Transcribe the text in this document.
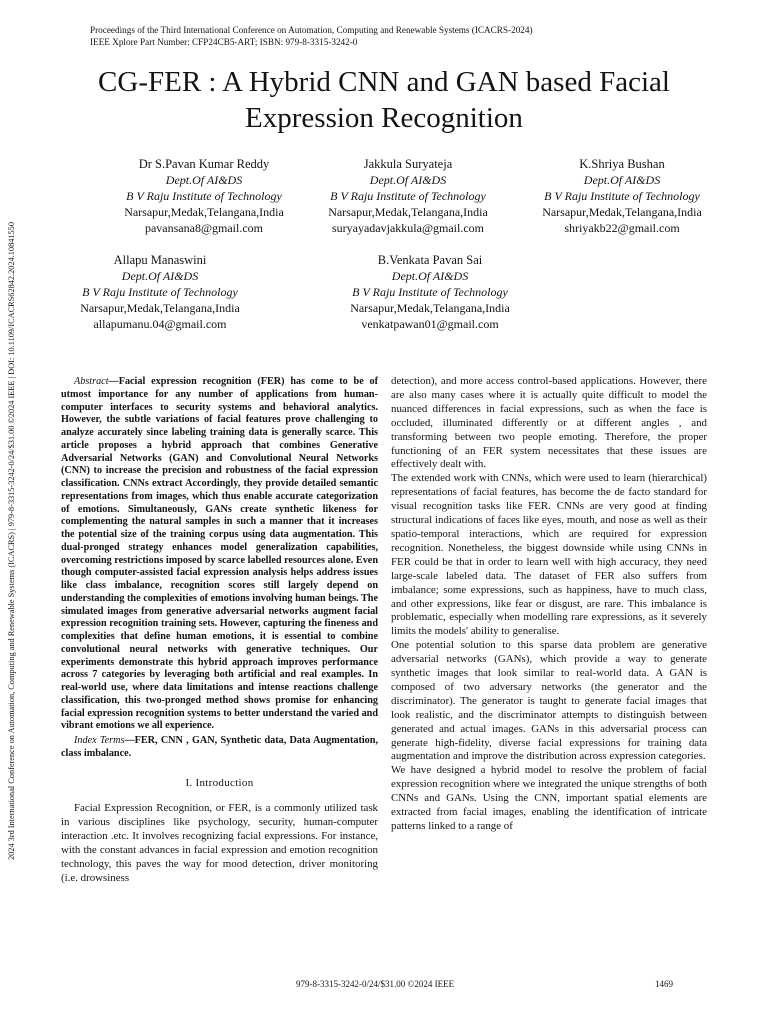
Proceedings of the Third International Conference on Automation, Computing and Renewable Systems (ICACRS-2024)
IEEE Xplore Part Number: CFP24CB5-ART; ISBN: 979-8-3315-3242-0
2024 3rd International Conference on Automation, Computing and Renewable Systems (ICACRS) | 979-8-3315-3242-0/24/$31.00 ©2024 IEEE | DOI: 10.1109/ICACRS62842.2024.10841550
CG-FER : A Hybrid CNN and GAN based Facial
Expression Recognition
Dr S.Pavan Kumar Reddy
Dept.Of AI&DS
B V Raju Institute of Technology
Narsapur,Medak,Telangana,India
pavansana8@gmail.com
Jakkula Suryateja
Dept.Of AI&DS
B V Raju Institute of Technology
Narsapur,Medak,Telangana,India
suryayadavjakkula@gmail.com
K.Shriya Bushan
Dept.Of AI&DS
B V Raju Institute of Technology
Narsapur,Medak,Telangana,India
shriyakb22@gmail.com
Allapu Manaswini
Dept.Of AI&DS
B V Raju Institute of Technology
Narsapur,Medak,Telangana,India
allapumanu.04@gmail.com
B.Venkata Pavan Sai
Dept.Of AI&DS
B V Raju Institute of Technology
Narsapur,Medak,Telangana,India
venkatpawan01@gmail.com

Abstract—Facial expression recognition (FER) has come to be of utmost importance for any number of applications from human-computer interfaces to security systems and behavioral analytics. However, the subtle variations of facial features prove challenging to analyze accurately since labeling training data is generally scarce. This article proposes a hybrid approach that combines Generative Adversarial Networks (GAN) and Convolutional Neural Networks (CNN) to increase the precision and robustness of the facial expression classification. CNNs extract Accordingly, they provide detailed semantic representations from images, which thus enable accurate categorization of emotions. Simultaneously, GANs create synthetic likeness for complementing the natural samples in such a manner that it increases the potential size of the training corpus using data augmentation. This dual-pronged strategy enhances model generalization capabilities, overcoming restrictions imposed by scarce labelled resources alone. Even though computer-assisted facial expression analysis helps address issues like class imbalance, recognition scores still largely depend on understanding the complexities of emotions involving human beings. The simulated images from generative adversarial networks augment facial expression recognition training sets. However, capturing the fineness and complexities that define human emotions, it is essential to combine convolutional neural networks with generative techniques. Our experiments demonstrate this hybrid approach improves performance across 7 categories by leveraging both artificial and real examples. In real-world use, where data limitations and intense reactions challenge classification, this two-pronged method shows promise for enhancing facial expression recognition systems to better understand the varied and vibrant emotions we all experience.

Index Terms—FER, CNN , GAN, Synthetic data, Data Augmentation, class imbalance.

I. Introduction

Facial Expression Recognition, or FER, is a commonly utilized task in various disciplines like psychology, security, human-computer interaction .etc. It involves recognizing facial expressions. For instance, with the constant advances in facial expression and emotion recognition technology, this paves the way for mood detection, driver monitoring (i.e. drowsiness

detection), and more access control-based applications. However, there are also many cases where it is actually quite difficult to model the nuanced differences in facial expressions, such as when the face is occluded, illuminated differently or at different angles , and transforming between two people emoting. Therefore, the proper functioning of an FER system necessitates that these issues are effectively dealt with.

The extended work with CNNs, which were used to learn (hierarchical) representations of facial features, has become the de facto standard for visual recognition tasks like FER. CNNs are very good at finding structural indications of faces like eyes, mouth, and nose as well as their spatio-temporal interactions, which are required for expression recognition. Nonetheless, the biggest downside while using CNNs in FER could be that in order to learn well with high accuracy, they need large-scale labeled data. The dataset of FER also suffers from imbalance; some expressions, such as happiness, have to much class, and other expressions, like fear or disgust, are rare. This imbalance is problematic, especially when modelling rare expressions, as it severely limits the models' ability to generalise.

One potential solution to this sparse data problem are generative adversarial networks (GANs), which provide a way to generate synthetic images that look similar to real-world data. A GAN is composed of two adversary networks (the generator and the discriminator). The generator is taught to generate facial images that look realistic, and the discriminator attempts to distinguish between generated and actual images. GANs in this adversarial process can generate high-fidelity, diverse facial expressions for training data augmentation and improve the distribution across expression categories.

We have designed a hybrid model to resolve the problem of facial expression recognition where we integrated the unique strengths of both CNNs and GANs. Using the CNN, important spatial elements are extracted from facial images, enabling the identification of intricate patterns linked to a range of

979-8-3315-3242-0/24/$31.00 ©2024 IEEE	1469
